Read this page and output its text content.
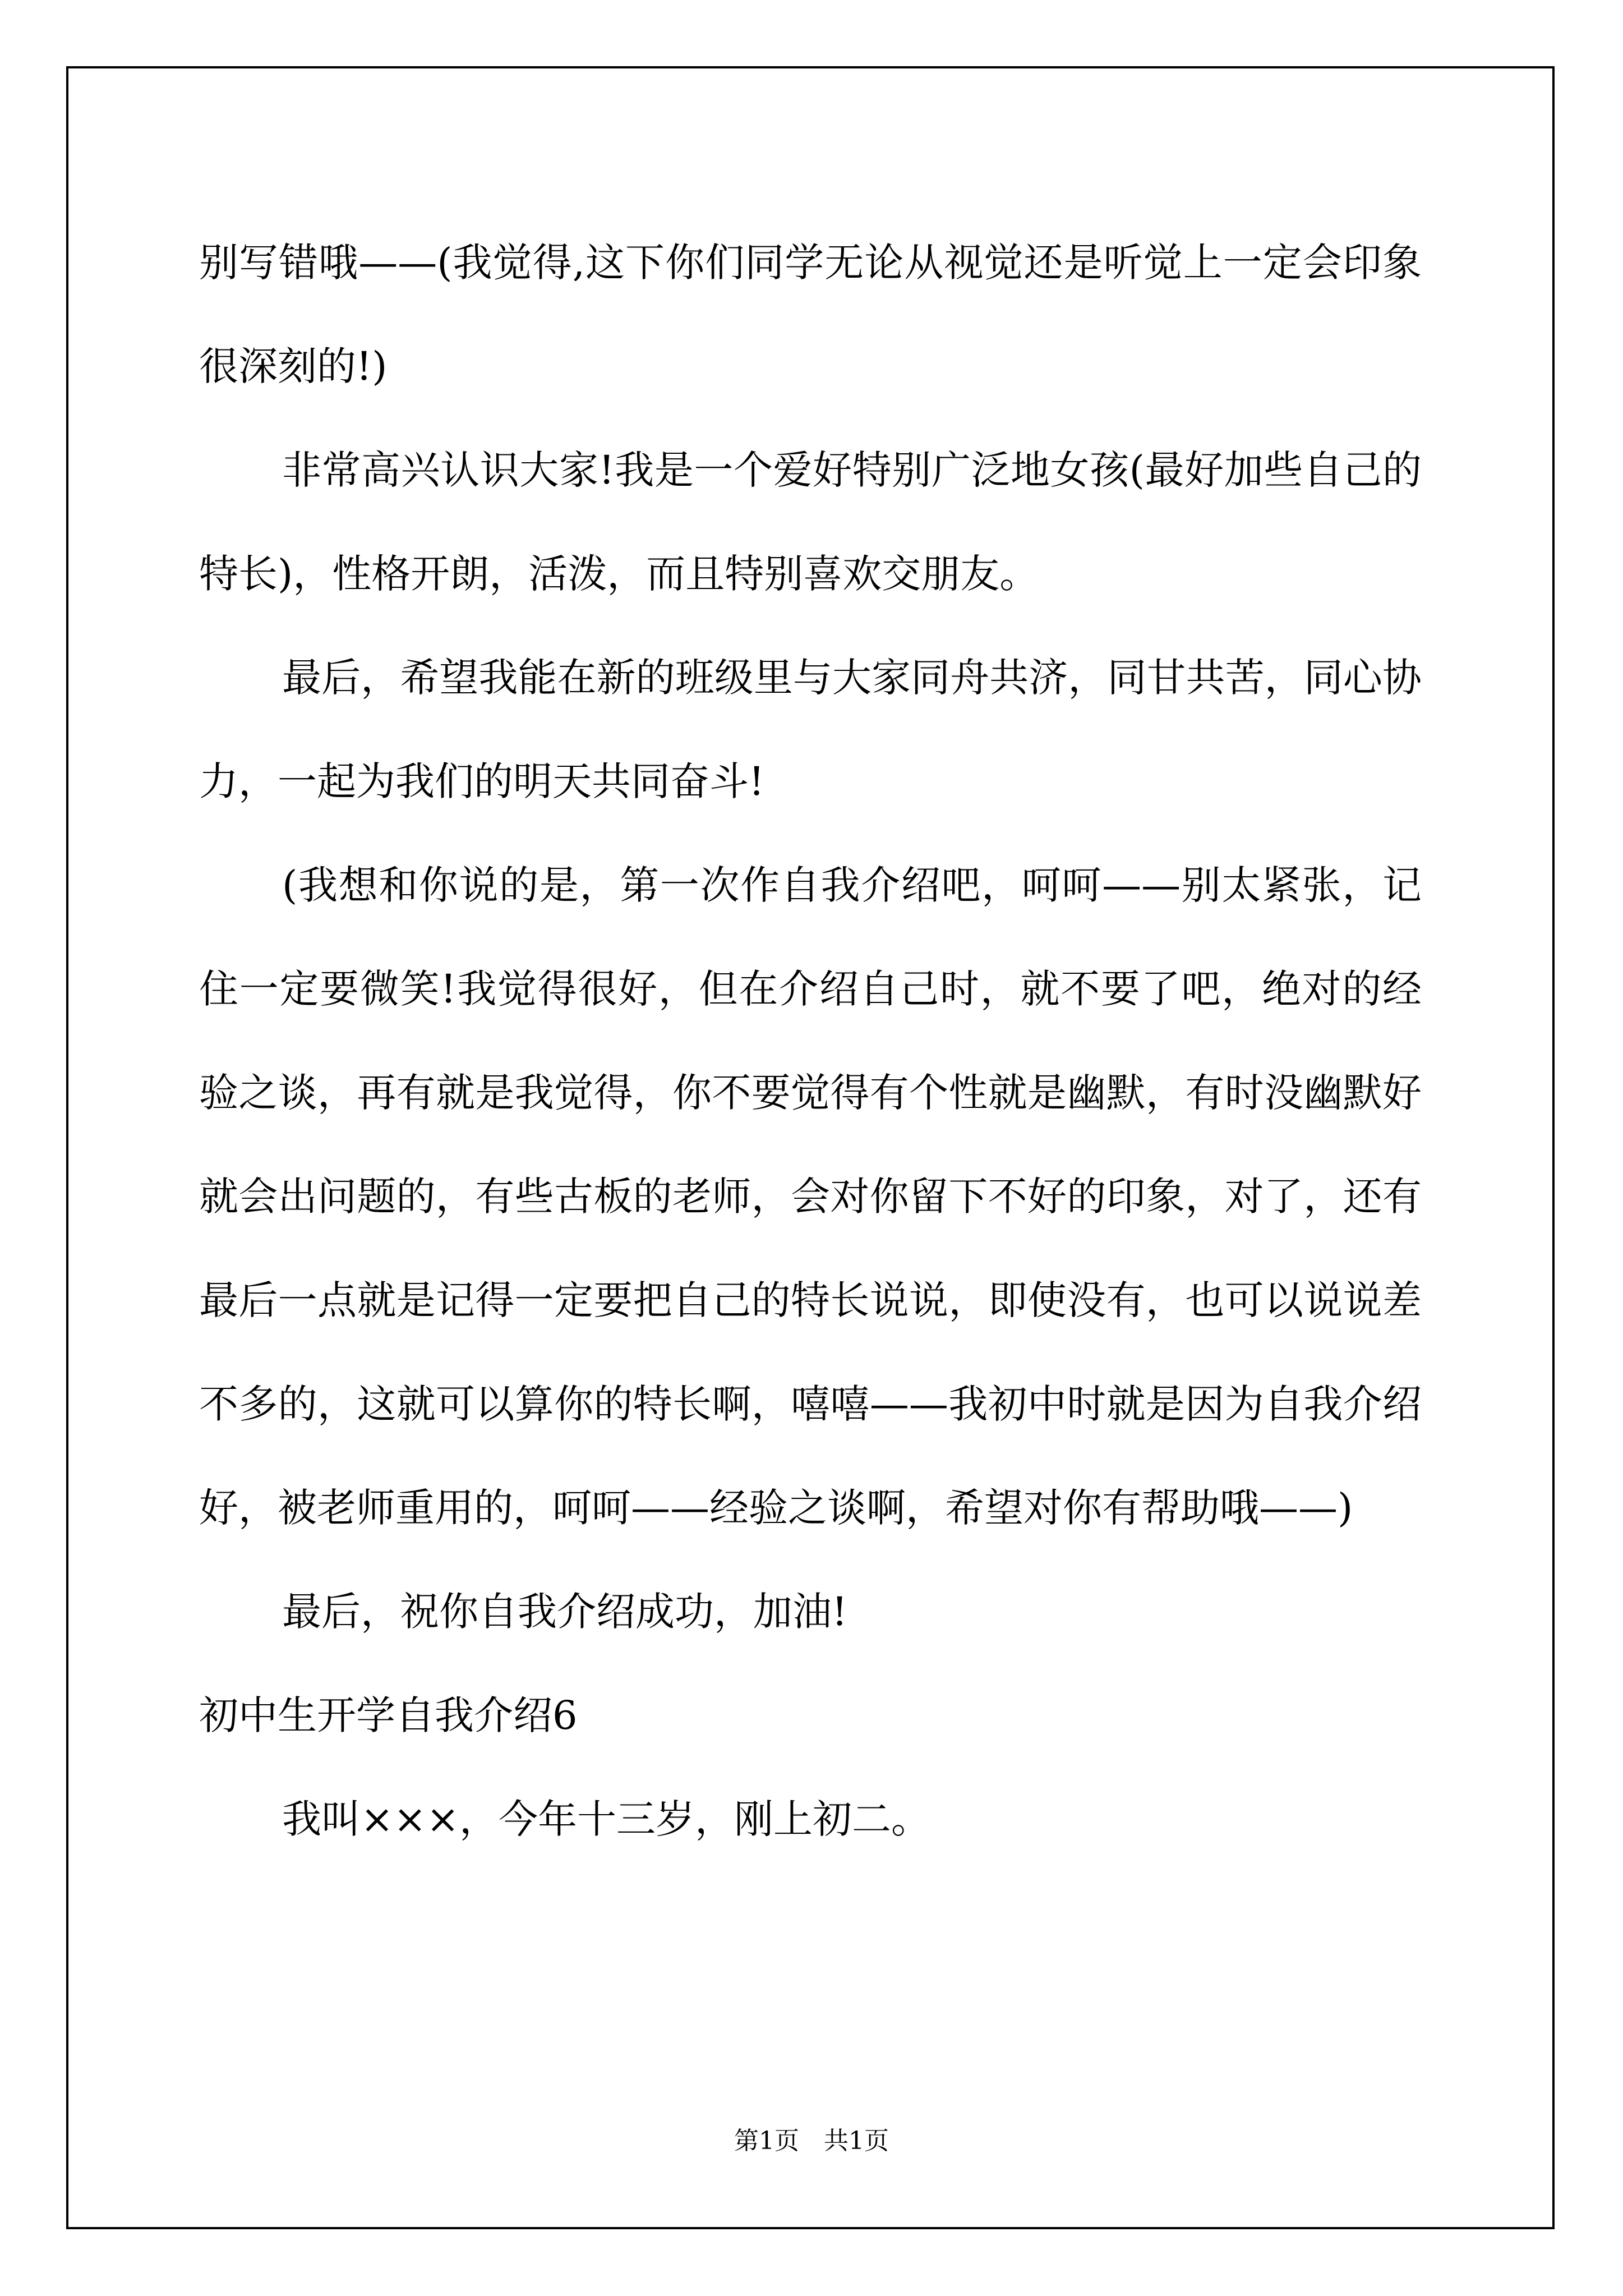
别写错哦——(我觉得,这下你们同学无论从视觉还是听觉上一定会印象很深刻的!)

非常高兴认识大家!我是一个爱好特别广泛地女孩(最好加些自己的特长)，性格开朗，活泼，而且特别喜欢交朋友。

最后，希望我能在新的班级里与大家同舟共济，同甘共苦，同心协力，一起为我们的明天共同奋斗!

(我想和你说的是，第一次作自我介绍吧，呵呵——别太紧张，记住一定要微笑!我觉得很好，但在介绍自己时，就不要了吧，绝对的经验之谈，再有就是我觉得，你不要觉得有个性就是幽默，有时没幽默好就会出问题的，有些古板的老师，会对你留下不好的印象，对了，还有最后一点就是记得一定要把自己的特长说说，即使没有，也可以说说差不多的，这就可以算你的特长啊，嘻嘻——我初中时就是因为自我介绍好，被老师重用的，呵呵——经验之谈啊，希望对你有帮助哦——)

最后，祝你自我介绍成功，加油!

初中生开学自我介绍6

我叫×××，今年十三岁，刚上初二。

第1页　共1页
